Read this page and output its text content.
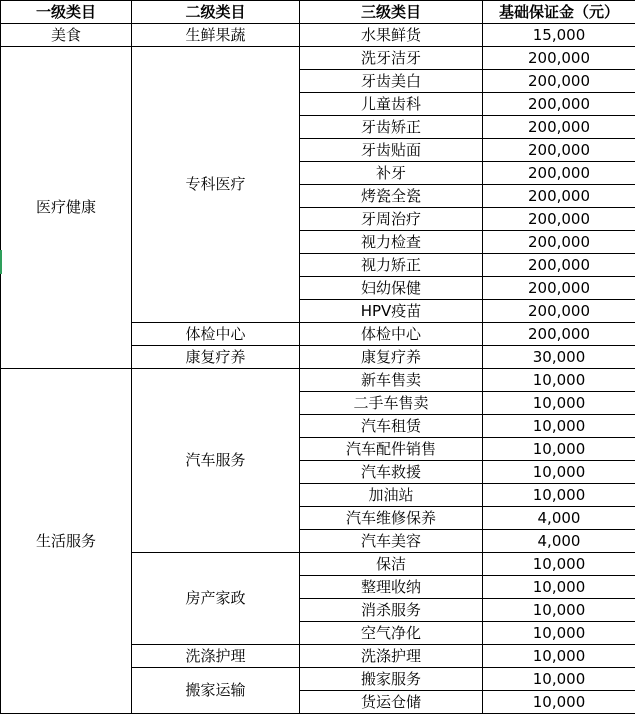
一级类目	二级类目	三级类目	基础保证金（元）
美食	生鲜果蔬	水果鲜货	15,000
医疗健康	专科医疗	洗牙洁牙	200,000
		牙齿美白	200,000
		儿童齿科	200,000
		牙齿矫正	200,000
		牙齿贴面	200,000
		补牙	200,000
		烤瓷全瓷	200,000
		牙周治疗	200,000
		视力检查	200,000
		视力矫正	200,000
		妇幼保健	200,000
		HPV疫苗	200,000
	体检中心	体检中心	200,000
	康复疗养	康复疗养	30,000
生活服务	汽车服务	新车售卖	10,000
		二手车售卖	10,000
		汽车租赁	10,000
		汽车配件销售	10,000
		汽车救援	10,000
		加油站	10,000
		汽车维修保养	4,000
		汽车美容	4,000
	房产家政	保洁	10,000
		整理收纳	10,000
		消杀服务	10,000
		空气净化	10,000
	洗涤护理	洗涤护理	10,000
	搬家运输	搬家服务	10,000
		货运仓储	10,000
